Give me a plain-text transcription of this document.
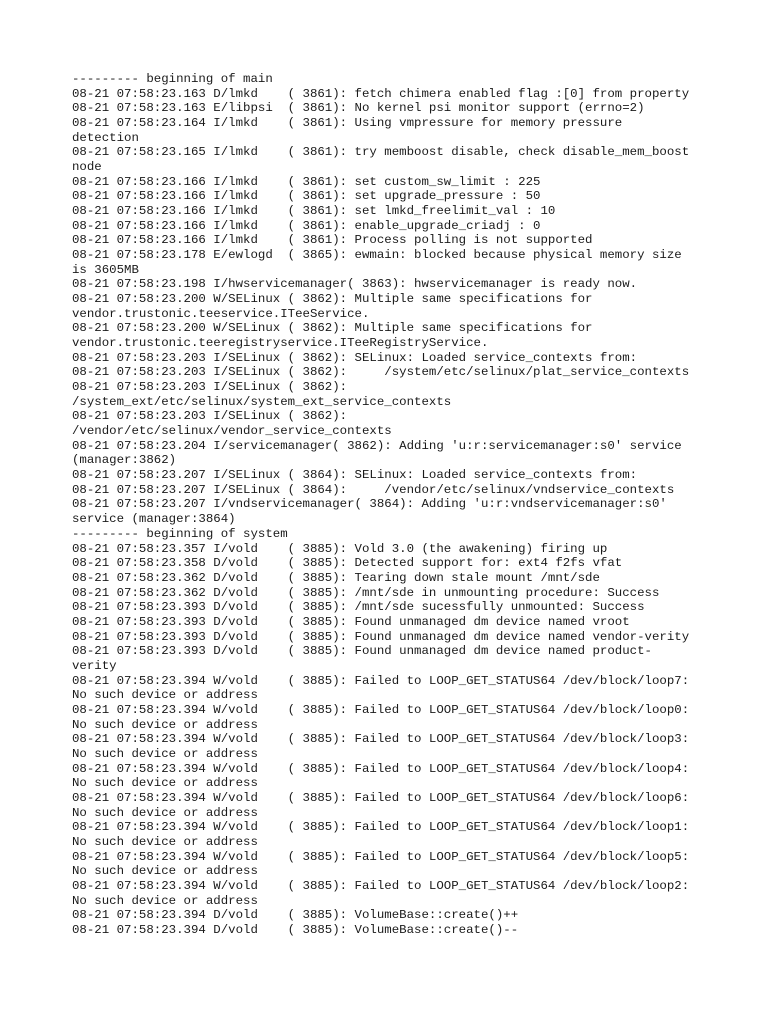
--------- beginning of main
08-21 07:58:23.163 D/lmkd    ( 3861): fetch chimera enabled flag :[0] from property
08-21 07:58:23.163 E/libpsi  ( 3861): No kernel psi monitor support (errno=2)
08-21 07:58:23.164 I/lmkd    ( 3861): Using vmpressure for memory pressure
detection
08-21 07:58:23.165 I/lmkd    ( 3861): try memboost disable, check disable_mem_boost
node
08-21 07:58:23.166 I/lmkd    ( 3861): set custom_sw_limit : 225
08-21 07:58:23.166 I/lmkd    ( 3861): set upgrade_pressure : 50
08-21 07:58:23.166 I/lmkd    ( 3861): set lmkd_freelimit_val : 10
08-21 07:58:23.166 I/lmkd    ( 3861): enable_upgrade_criadj : 0
08-21 07:58:23.166 I/lmkd    ( 3861): Process polling is not supported
08-21 07:58:23.178 E/ewlogd  ( 3865): ewmain: blocked because physical memory size
is 3605MB
08-21 07:58:23.198 I/hwservicemanager( 3863): hwservicemanager is ready now.
08-21 07:58:23.200 W/SELinux ( 3862): Multiple same specifications for
vendor.trustonic.teeservice.ITeeService.
08-21 07:58:23.200 W/SELinux ( 3862): Multiple same specifications for
vendor.trustonic.teeregistryservice.ITeeRegistryService.
08-21 07:58:23.203 I/SELinux ( 3862): SELinux: Loaded service_contexts from:
08-21 07:58:23.203 I/SELinux ( 3862):     /system/etc/selinux/plat_service_contexts
08-21 07:58:23.203 I/SELinux ( 3862):
/system_ext/etc/selinux/system_ext_service_contexts
08-21 07:58:23.203 I/SELinux ( 3862):
/vendor/etc/selinux/vendor_service_contexts
08-21 07:58:23.204 I/servicemanager( 3862): Adding 'u:r:servicemanager:s0' service
(manager:3862)
08-21 07:58:23.207 I/SELinux ( 3864): SELinux: Loaded service_contexts from:
08-21 07:58:23.207 I/SELinux ( 3864):     /vendor/etc/selinux/vndservice_contexts
08-21 07:58:23.207 I/vndservicemanager( 3864): Adding 'u:r:vndservicemanager:s0'
service (manager:3864)
--------- beginning of system
08-21 07:58:23.357 I/vold    ( 3885): Vold 3.0 (the awakening) firing up
08-21 07:58:23.358 D/vold    ( 3885): Detected support for: ext4 f2fs vfat
08-21 07:58:23.362 D/vold    ( 3885): Tearing down stale mount /mnt/sde
08-21 07:58:23.362 D/vold    ( 3885): /mnt/sde in unmounting procedure: Success
08-21 07:58:23.393 D/vold    ( 3885): /mnt/sde sucessfully unmounted: Success
08-21 07:58:23.393 D/vold    ( 3885): Found unmanaged dm device named vroot
08-21 07:58:23.393 D/vold    ( 3885): Found unmanaged dm device named vendor-verity
08-21 07:58:23.393 D/vold    ( 3885): Found unmanaged dm device named product-
verity
08-21 07:58:23.394 W/vold    ( 3885): Failed to LOOP_GET_STATUS64 /dev/block/loop7:
No such device or address
08-21 07:58:23.394 W/vold    ( 3885): Failed to LOOP_GET_STATUS64 /dev/block/loop0:
No such device or address
08-21 07:58:23.394 W/vold    ( 3885): Failed to LOOP_GET_STATUS64 /dev/block/loop3:
No such device or address
08-21 07:58:23.394 W/vold    ( 3885): Failed to LOOP_GET_STATUS64 /dev/block/loop4:
No such device or address
08-21 07:58:23.394 W/vold    ( 3885): Failed to LOOP_GET_STATUS64 /dev/block/loop6:
No such device or address
08-21 07:58:23.394 W/vold    ( 3885): Failed to LOOP_GET_STATUS64 /dev/block/loop1:
No such device or address
08-21 07:58:23.394 W/vold    ( 3885): Failed to LOOP_GET_STATUS64 /dev/block/loop5:
No such device or address
08-21 07:58:23.394 W/vold    ( 3885): Failed to LOOP_GET_STATUS64 /dev/block/loop2:
No such device or address
08-21 07:58:23.394 D/vold    ( 3885): VolumeBase::create()++
08-21 07:58:23.394 D/vold    ( 3885): VolumeBase::create()--
